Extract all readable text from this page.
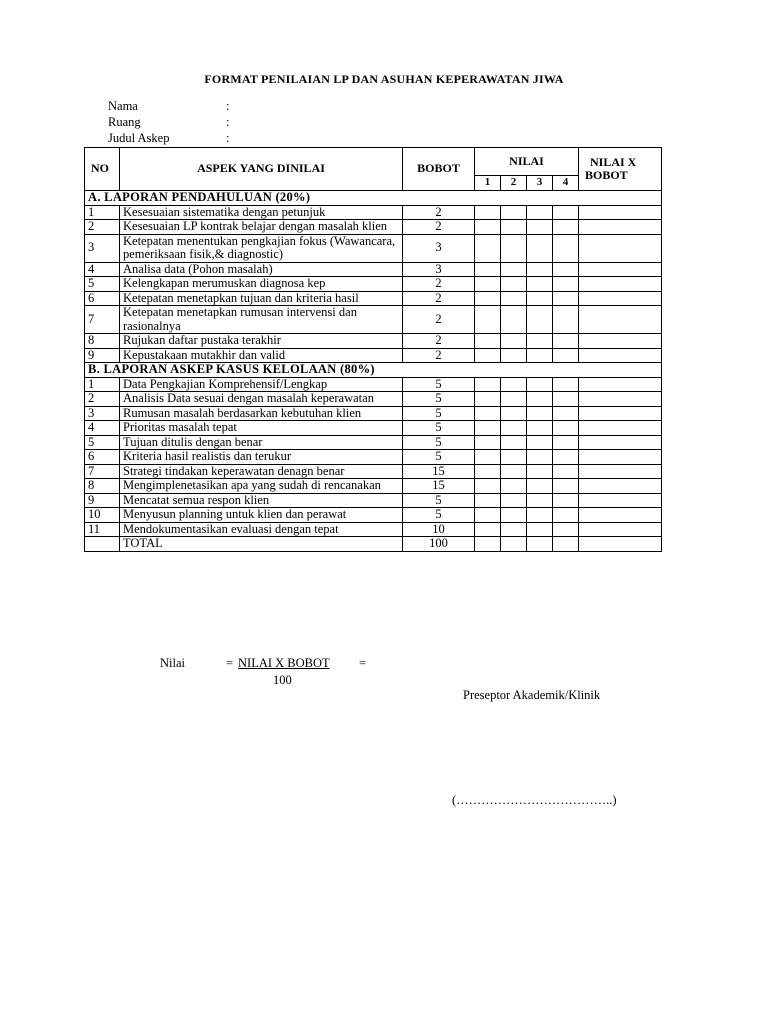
FORMAT PENILAIAN LP DAN ASUHAN KEPERAWATAN JIWA
Nama	:
Ruang	:
Judul Askep	:
NO	ASPEK YANG DINILAI	BOBOT	NILAI				NILAI X
BOBOT

			1	2	3	4	
A. LAPORAN PENDAHULUAN (20%)							
1	Kesesuaian sistematika dengan petunjuk	2					
2	Kesesuaian LP kontrak belajar dengan masalah klien	2					
3	Ketepatan menentukan pengkajian fokus (Wawancara, pemeriksaan fisik,& diagnostic)	3					
4	Analisa data (Pohon masalah)	3					
5	Kelengkapan merumuskan diagnosa kep	2					
6	Ketepatan menetapkan tujuan dan kriteria hasil	2					
7	Ketepatan menetapkan rumusan intervensi dan rasionalnya	2					
8	Rujukan daftar pustaka terakhir	2					
9	Kepustakaan mutakhir dan valid	2					
B. LAPORAN ASKEP KASUS KELOLAAN (80%)							
1	Data Pengkajian Komprehensif/Lengkap	5					
2	Analisis Data sesuai dengan masalah keperawatan	5					
3	Rumusan masalah berdasarkan kebutuhan klien	5					
4	Prioritas masalah tepat	5					
5	Tujuan ditulis dengan benar	5					
6	Kriteria hasil realistis dan terukur	5					
7	Strategi tindakan keperawatan denagn benar	15					
8	Mengimplenetasikan apa yang sudah di rencanakan	15					
9	Mencatat semua respon klien	5					
10	Menyusun planning untuk klien dan perawat	5					
11	Mendokumentasikan evaluasi dengan tepat	10					
	TOTAL	100					
Nilai	= NILAI X BOBOT =
100
Preseptor Akademik/Klinik
(………………………………..)
